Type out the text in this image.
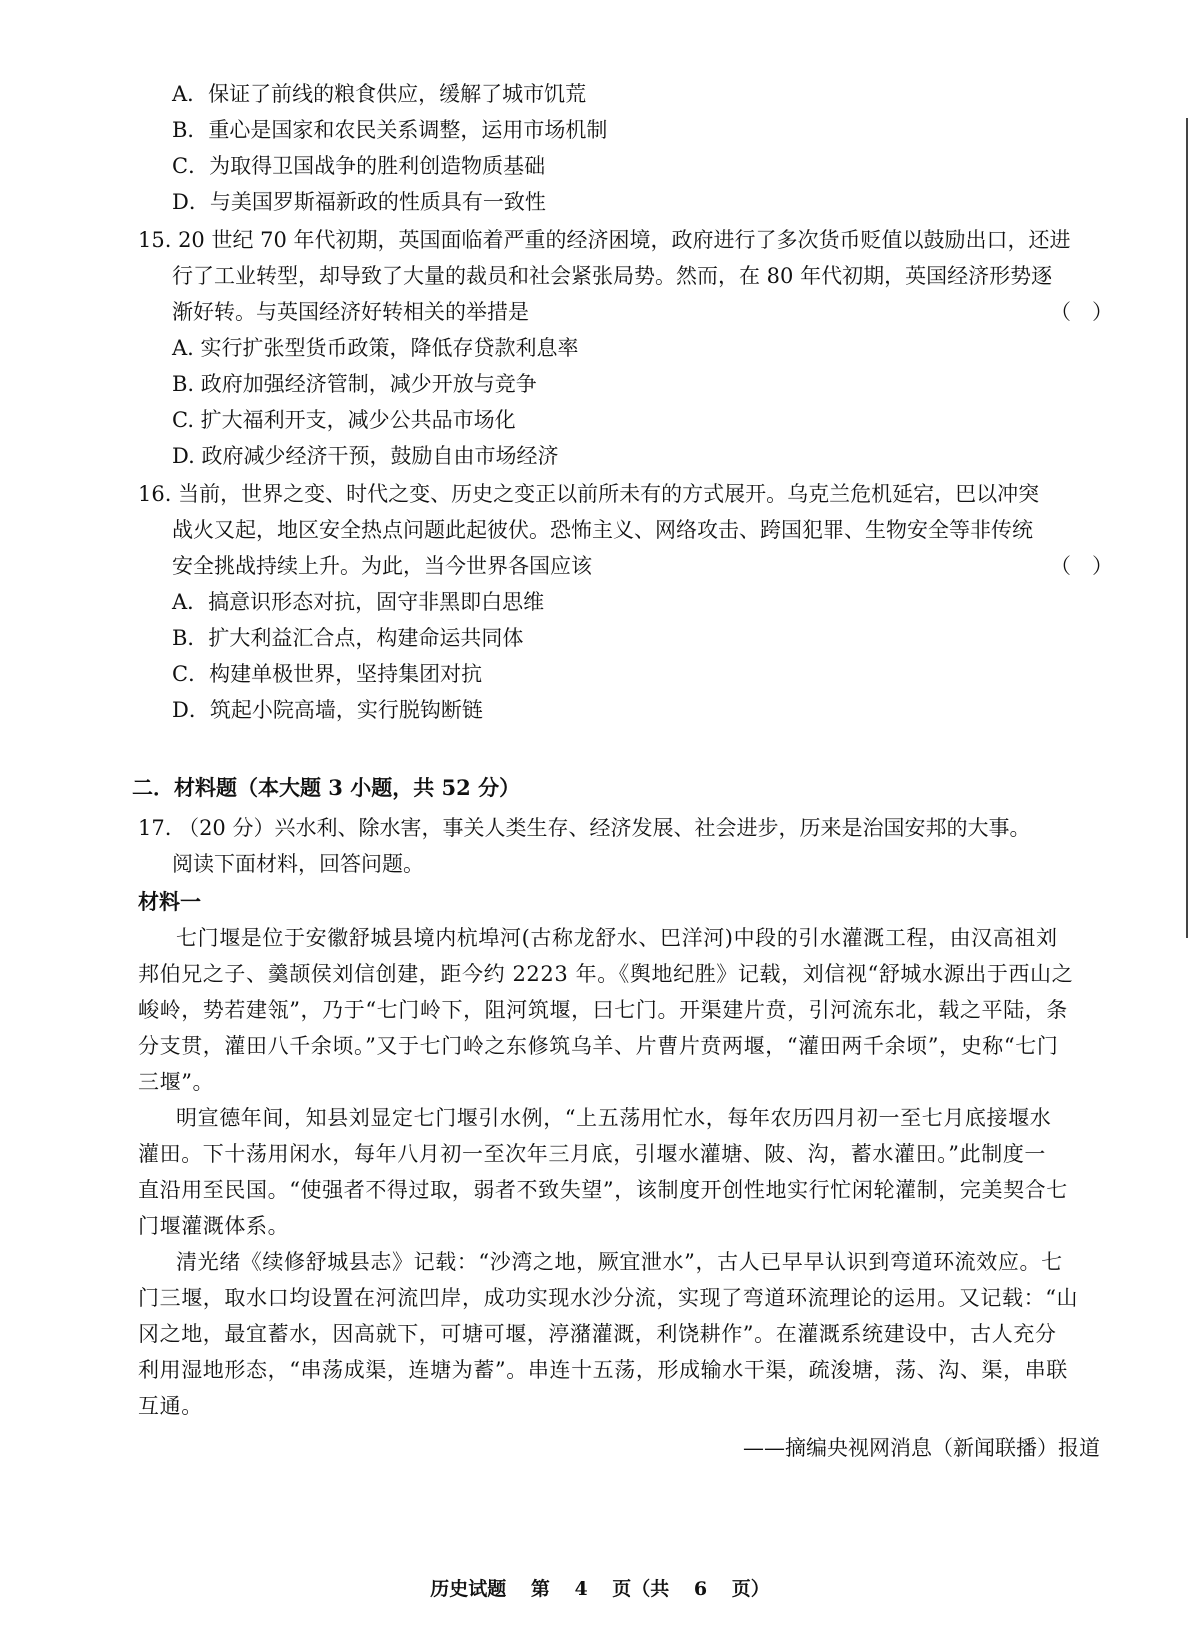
A．保证了前线的粮食供应，缓解了城市饥荒
B．重心是国家和农民关系调整，运用市场机制
C．为取得卫国战争的胜利创造物质基础
D．与美国罗斯福新政的性质具有一致性
15. 20 世纪 70 年代初期，英国面临着严重的经济困境，政府进行了多次货币贬值以鼓励出口，还进
行了工业转型，却导致了大量的裁员和社会紧张局势。然而，在 80 年代初期，英国经济形势逐
渐好转。与英国经济好转相关的举措是	（　）
A. 实行扩张型货币政策，降低存贷款利息率
B. 政府加强经济管制，减少开放与竞争
C. 扩大福利开支，减少公共品市场化
D. 政府减少经济干预，鼓励自由市场经济
16. 当前，世界之变、时代之变、历史之变正以前所未有的方式展开。乌克兰危机延宕，巴以冲突
战火又起，地区安全热点问题此起彼伏。恐怖主义、网络攻击、跨国犯罪、生物安全等非传统
安全挑战持续上升。为此，当今世界各国应该	（　）
A．搞意识形态对抗，固守非黑即白思维
B．扩大利益汇合点，构建命运共同体
C．构建单极世界，坚持集团对抗
D．筑起小院高墙，实行脱钩断链
二．材料题（本大题 3 小题，共 52 分）
17. （20 分）兴水利、除水害，事关人类生存、经济发展、社会进步，历来是治国安邦的大事。
阅读下面材料，回答问题。
材料一
七门堰是位于安徽舒城县境内杭埠河(古称龙舒水、巴洋河)中段的引水灌溉工程，由汉高祖刘
邦伯兄之子、羹颉侯刘信创建，距今约 2223 年。《舆地纪胜》记载，刘信视“舒城水源出于西山之
峻岭，势若建瓴”，乃于“七门岭下，阻河筑堰，曰七门。开渠建片贲，引河流东北，载之平陆，条
分支贯，灌田八千余顷。”又于七门岭之东修筑乌羊、片曹片贲两堰，“灌田两千余顷”，史称“七门
三堰”。
明宣德年间，知县刘显定七门堰引水例，“上五荡用忙水，每年农历四月初一至七月底接堰水
灌田。下十荡用闲水，每年八月初一至次年三月底，引堰水灌塘、陂、沟，蓄水灌田。”此制度一
直沿用至民国。“使强者不得过取，弱者不致失望”，该制度开创性地实行忙闲轮灌制，完美契合七
门堰灌溉体系。
清光绪《续修舒城县志》记载：“沙湾之地，厥宜泄水”，古人已早早认识到弯道环流效应。七
门三堰，取水口均设置在河流凹岸，成功实现水沙分流，实现了弯道环流理论的运用。又记载：“山
冈之地，最宜蓄水，因高就下，可塘可堰，渟潴灌溉，利饶耕作”。在灌溉系统建设中，古人充分
利用湿地形态，“串荡成渠，连塘为蓄”。串连十五荡，形成输水干渠，疏浚塘，荡、沟、渠，串联
互通。
——摘编央视网消息（新闻联播）报道
历史试题 第 4 页（共 6 页）
